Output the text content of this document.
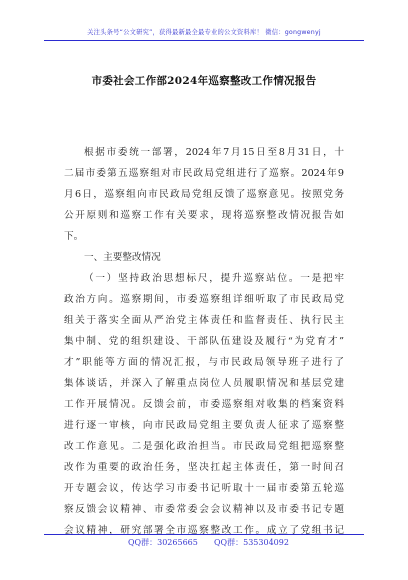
关注头条号“公文研究”，获得最新最全最专业的公文资料库！ 微信：gongwenyj
市委社会工作部2024年巡察整改工作情况报告
根据市委统一部署，2024年7月15日至8月31日，十
二届市委第五巡察组对市民政局党组进行了巡察。2024年9
月6日，巡察组向市民政局党组反馈了巡察意见。按照党务
公开原则和巡察工作有关要求，现将巡察整改情况报告如
下。
一、主要整改情况
（一）坚持政治思想标尺，提升巡察站位。一是把牢
政治方向。巡察期间，市委巡察组详细听取了市民政局党
组关于落实全面从严治党主体责任和监督责任、执行民主
集中制、党的组织建设、干部队伍建设及履行“为党育才”
才”职能等方面的情况汇报，与市民政局领导班子进行了
集体谈话，并深入了解重点岗位人员履职情况和基层党建
工作开展情况。反馈会前，市委巡察组对收集的档案资料
进行逐一审核，向市民政局党组主要负责人征求了巡察整
改工作意见。二是强化政治担当。市民政局党组把巡察整
改作为重要的政治任务，坚决扛起主体责任，第一时间召
开专题会议，传达学习市委书记听取十一届市委第五轮巡
察反馈会议精神、市委常委会会议精神以及市委书记专题
会议精神，研究部署全市巡察整改工作。成立了党组书记
QQ群：30265665 QQ群：535304092
